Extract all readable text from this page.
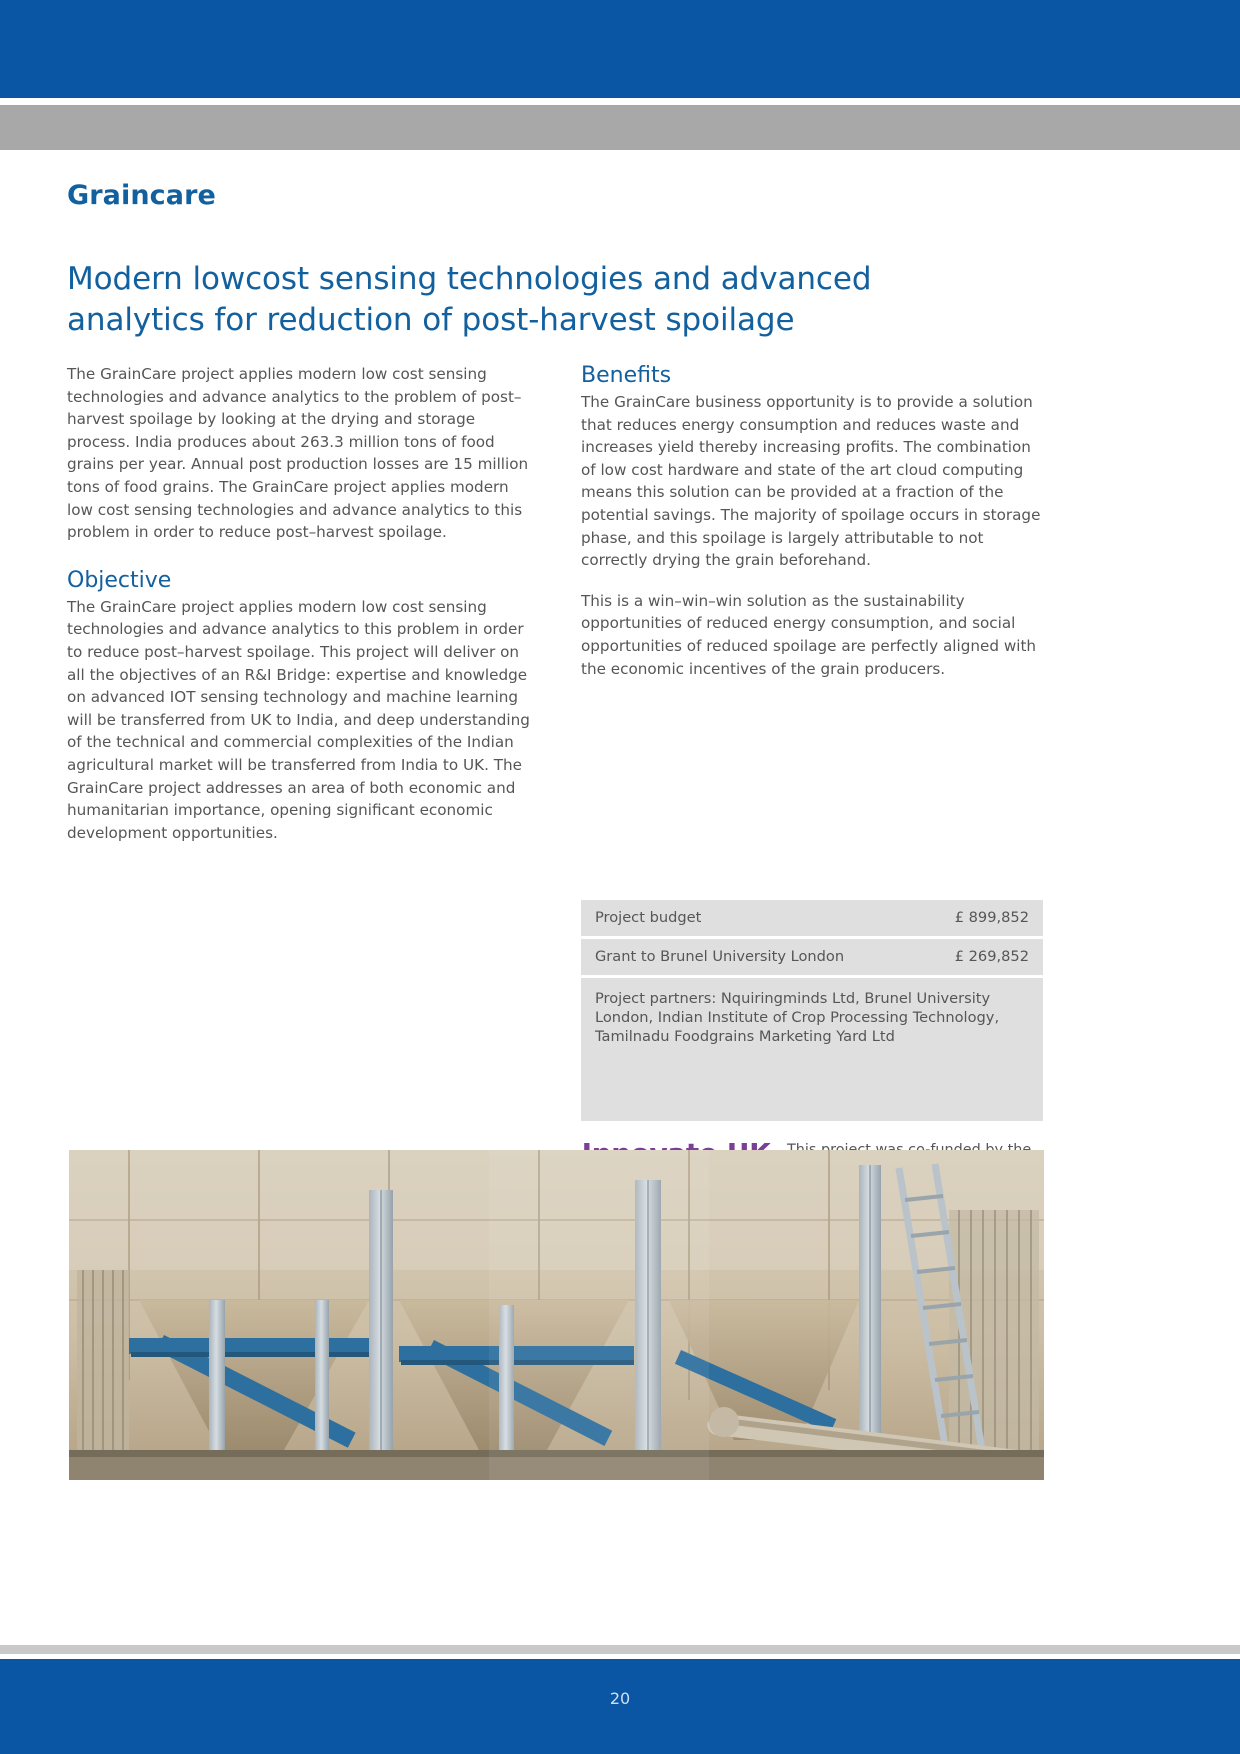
Graincare
Modern lowcost sensing technologies and advanced analytics for reduction of post-harvest spoilage

The GrainCare project applies modern low cost sensing technologies and advance analytics to the problem of post–harvest spoilage by looking at the drying and storage process. India produces about 263.3 million tons of food grains per year. Annual post production losses are 15 million tons of food grains. The GrainCare project applies modern low cost sensing technologies and advance analytics to this problem in order to reduce post–harvest spoilage.

Objective

The GrainCare project applies modern low cost sensing technologies and advance analytics to this problem in order to reduce post–harvest spoilage. This project will deliver on all the objectives of an R&I Bridge: expertise and knowledge on advanced IOT sensing technology and machine learning will be transferred from UK to India, and deep understanding of the technical and commercial complexities of the Indian agricultural market will be transferred from India to UK. The GrainCare project addresses an area of both economic and humanitarian importance, opening significant economic development opportunities.

Benefits

The GrainCare business opportunity is to provide a solution that reduces energy consumption and reduces waste and increases yield thereby increasing profits. The combination of low cost hardware and state of the art cloud computing means this solution can be provided at a fraction of the potential savings. The majority of spoilage occurs in storage phase, and this spoilage is largely attributable to not correctly drying the grain beforehand.

This is a win–win–win solution as the sustainability opportunities of reduced energy consumption, and social opportunities of reduced spoilage are perfectly aligned with the economic incentives of the grain producers.

Project budget	£ 899,852
Grant to Brunel University London	£ 269,852
Project partners: Nquiringminds Ltd, Brunel University London, Indian Institute of Crop Processing Technology, Tamilnadu Foodgrains Marketing Yard Ltd
20
